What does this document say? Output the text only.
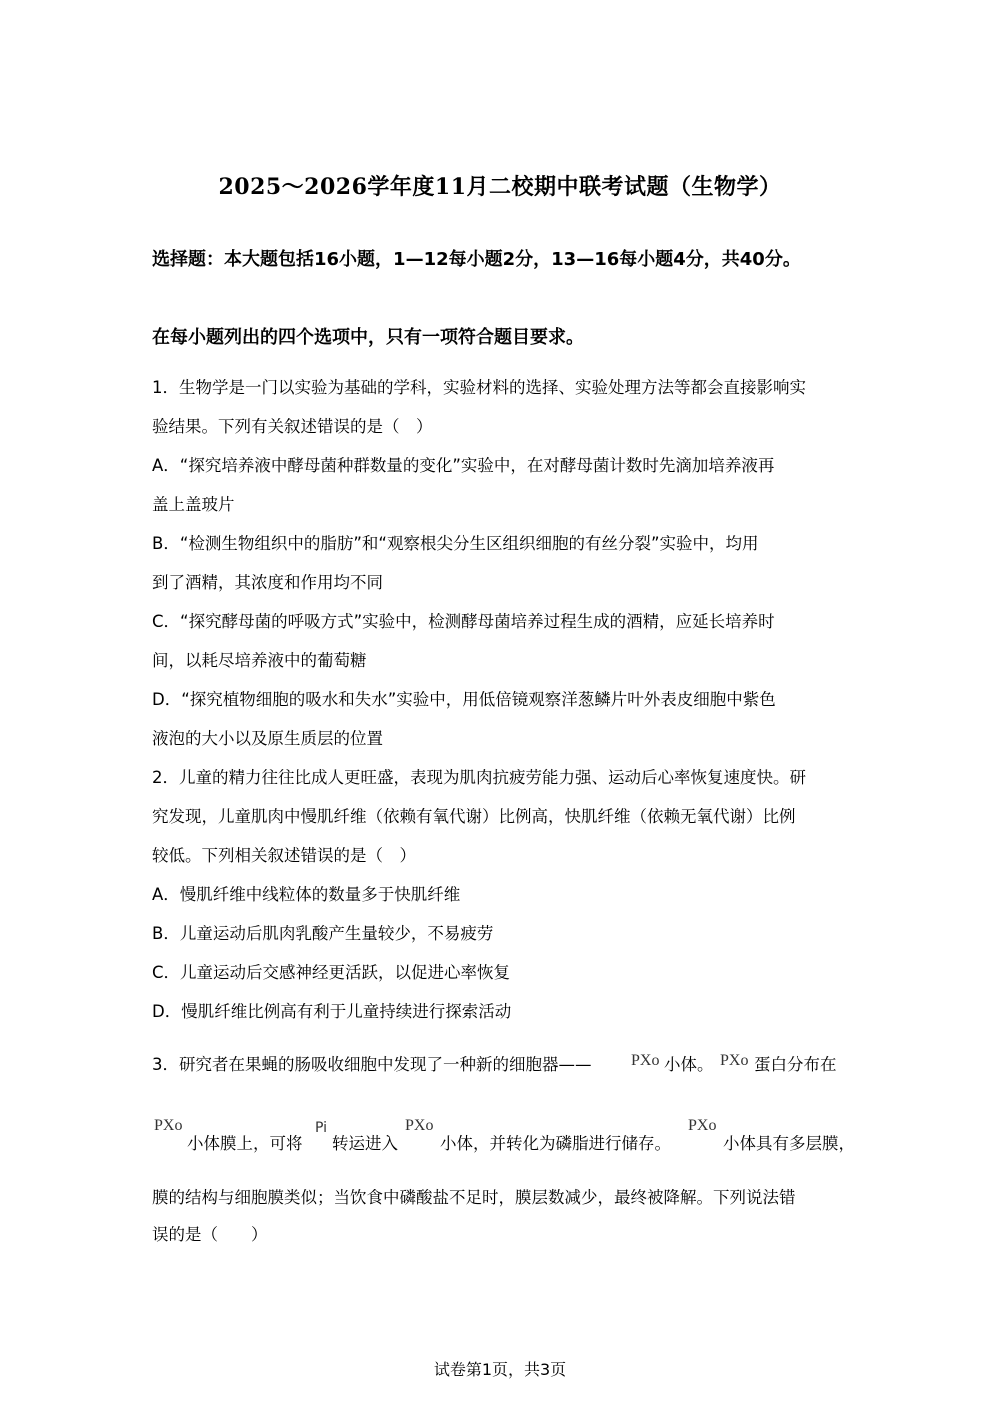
2025～2026学年度11月二校期中联考试题（生物学）
选择题：本大题包括16小题，1—12每小题2分，13—16每小题4分，共40分。
在每小题列出的四个选项中，只有一项符合题目要求。
1．生物学是一门以实验为基础的学科，实验材料的选择、实验处理方法等都会直接影响实
验结果。下列有关叙述错误的是（　）
A．“探究培养液中酵母菌种群数量的变化”实验中，在对酵母菌计数时先滴加培养液再
盖上盖玻片
B．“检测生物组织中的脂肪”和“观察根尖分生区组织细胞的有丝分裂”实验中，均用
到了酒精，其浓度和作用均不同
C．“探究酵母菌的呼吸方式”实验中，检测酵母菌培养过程生成的酒精，应延长培养时
间，以耗尽培养液中的葡萄糖
D．“探究植物细胞的吸水和失水”实验中，用低倍镜观察洋葱鳞片叶外表皮细胞中紫色
液泡的大小以及原生质层的位置
2．儿童的精力往往比成人更旺盛，表现为肌肉抗疲劳能力强、运动后心率恢复速度快。研
究发现，儿童肌肉中慢肌纤维（依赖有氧代谢）比例高，快肌纤维（依赖无氧代谢）比例
较低。下列相关叙述错误的是（　）
A．慢肌纤维中线粒体的数量多于快肌纤维
B．儿童运动后肌肉乳酸产生量较少，不易疲劳
C．儿童运动后交感神经更活跃，以促进心率恢复
D．慢肌纤维比例高有利于儿童持续进行探索活动
3．研究者在果蝇的肠吸收细胞中发现了一种新的细胞器—— PXo 小体。 PXo 蛋白分布在
PXo
小体膜上，可将
Pi
转运进入
PXo
小体，并转化为磷脂进行储存。
PXo
小体具有多层膜，
膜的结构与细胞膜类似；当饮食中磷酸盐不足时，膜层数减少，最终被降解。下列说法错
误的是（　　）
试卷第1页，共3页
